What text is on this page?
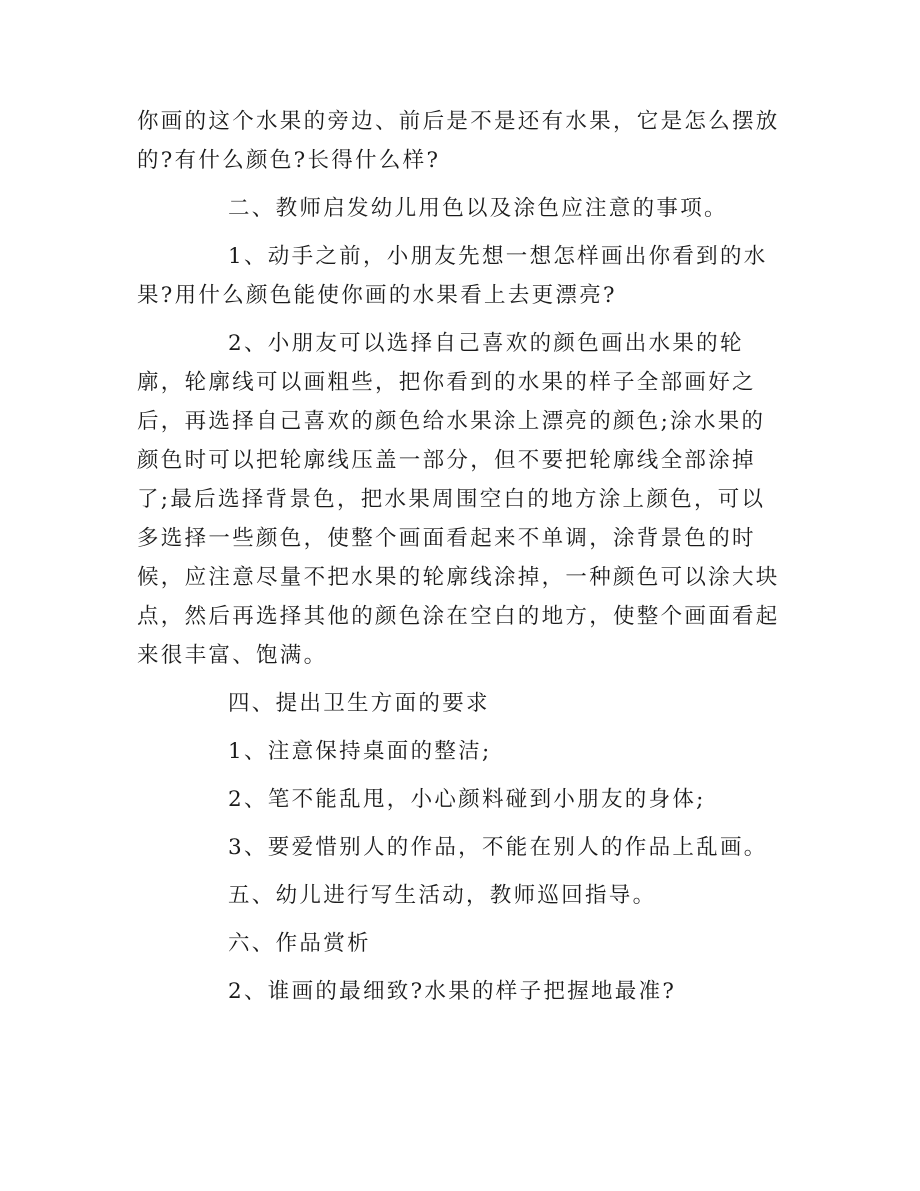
你画的这个水果的旁边、前后是不是还有水果，它是怎么摆放的?有什么颜色?长得什么样?

二、教师启发幼儿用色以及涂色应注意的事项。

1、动手之前，小朋友先想一想怎样画出你看到的水果?用什么颜色能使你画的水果看上去更漂亮?

2、小朋友可以选择自己喜欢的颜色画出水果的轮廓，轮廓线可以画粗些，把你看到的水果的样子全部画好之后，再选择自己喜欢的颜色给水果涂上漂亮的颜色;涂水果的颜色时可以把轮廓线压盖一部分，但不要把轮廓线全部涂掉了;最后选择背景色，把水果周围空白的地方涂上颜色，可以多选择一些颜色，使整个画面看起来不单调，涂背景色的时候，应注意尽量不把水果的轮廓线涂掉，一种颜色可以涂大块点，然后再选择其他的颜色涂在空白的地方，使整个画面看起来很丰富、饱满。

四、提出卫生方面的要求

1、注意保持桌面的整洁;

2、笔不能乱甩，小心颜料碰到小朋友的身体;

3、要爱惜别人的作品，不能在别人的作品上乱画。

五、幼儿进行写生活动，教师巡回指导。

六、作品赏析

2、谁画的最细致?水果的样子把握地最准?
